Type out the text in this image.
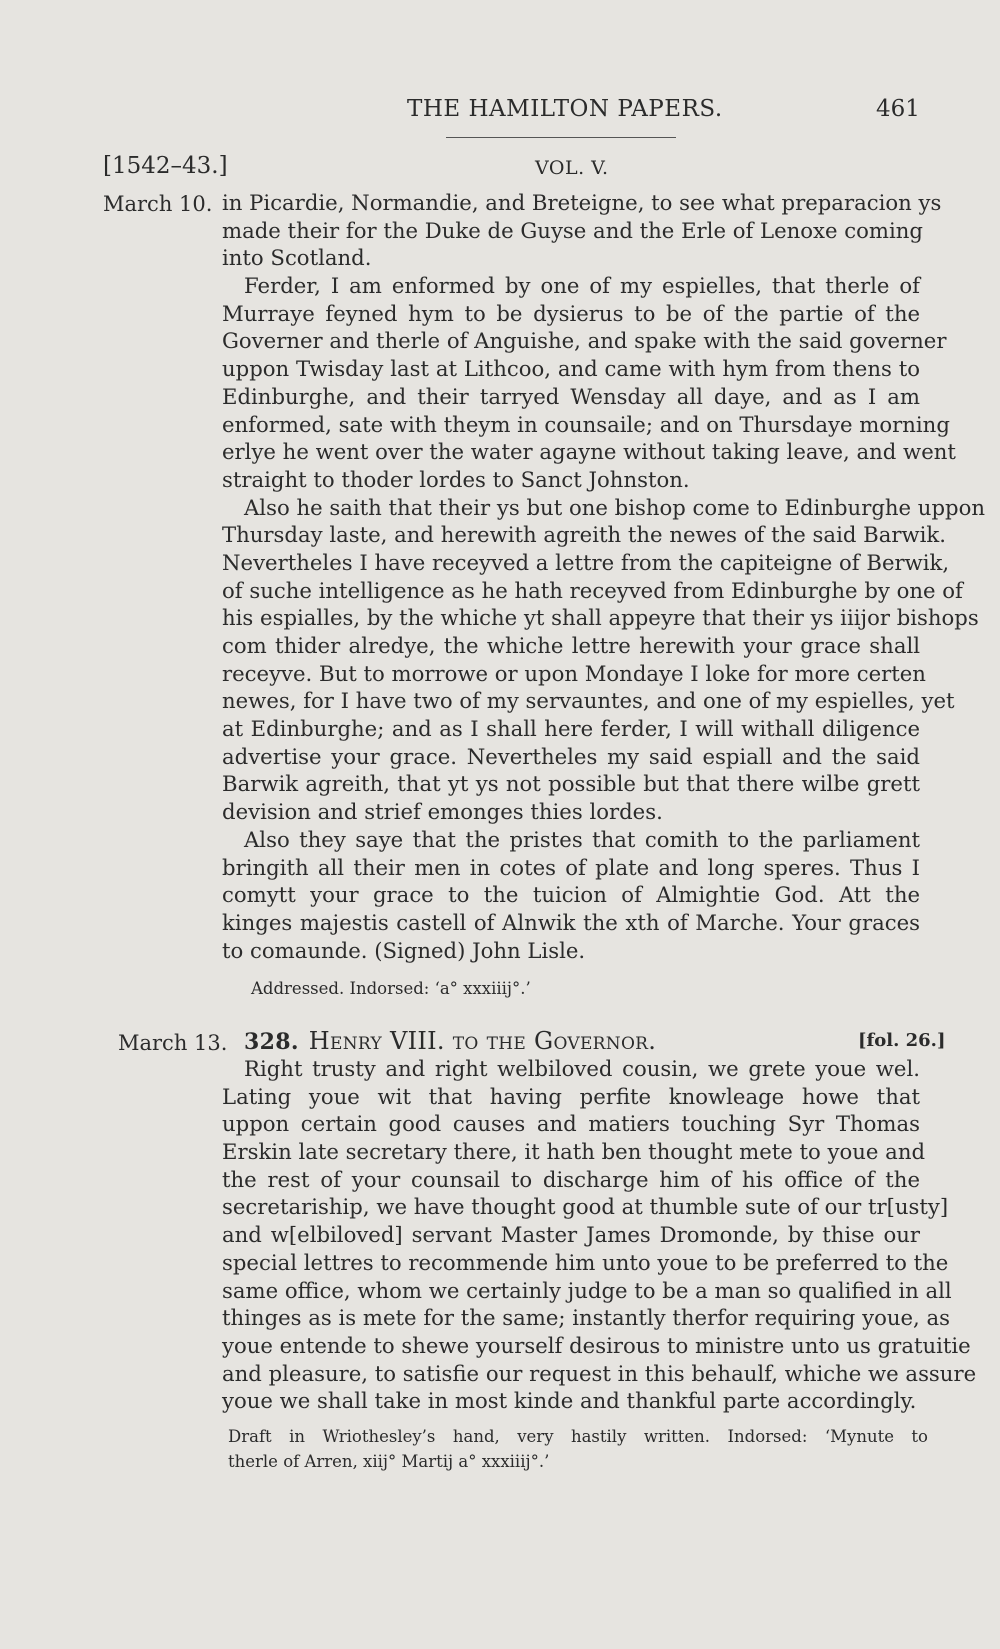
THE HAMILTON PAPERS.	461
[1542–43.]	VOL. V.
March 10. in Picardie, Normandie, and Breteigne, to see what preparacion ys
made their for the Duke de Guyse and the Erle of Lenoxe coming
into Scotland.
Ferder, I am enformed by one of my espielles, that therle of
Murraye feyned hym to be dysierus to be of the partie of the
Governer and therle of Anguishe, and spake with the said governer
uppon Twisday last at Lithcoo, and came with hym from thens to
Edinburghe, and their tarryed Wensday all daye, and as I am
enformed, sate with theym in counsaile; and on Thursdaye morning
erlye he went over the water agayne without taking leave, and went
straight to thoder lordes to Sanct Johnston.
Also he saith that their ys but one bishop come to Edinburghe uppon
Thursday laste, and herewith agreith the newes of the said Barwik.
Nevertheles I have receyved a lettre from the capiteigne of Berwik,
of suche intelligence as he hath receyved from Edinburghe by one of
his espialles, by the whiche yt shall appeyre that their ys iiijor bishops
com thider alredye, the whiche lettre herewith your grace shall
receyve. But to morrowe or upon Mondaye I loke for more certen
newes, for I have two of my servauntes, and one of my espielles, yet
at Edinburghe; and as I shall here ferder, I will withall diligence
advertise your grace. Nevertheles my said espiall and the said
Barwik agreith, that yt ys not possible but that there wilbe grett
devision and strief emonges thies lordes.
Also they saye that the pristes that comith to the parliament
bringith all their men in cotes of plate and long speres. Thus I
comytt your grace to the tuicion of Almightie God. Att the
kinges majestis castell of Alnwik the xth of Marche. Your graces
to comaunde. (Signed) John Lisle.
Addressed. Indorsed: ‘a° xxxiiij°.’
March 13. 328. Henry VIII. to the Governor.	[fol. 26.]
Right trusty and right welbiloved cousin, we grete youe wel.
Lating youe wit that having perfite knowleage howe that
uppon certain good causes and matiers touching Syr Thomas
Erskin late secretary there, it hath ben thought mete to youe and
the rest of your counsail to discharge him of his office of the
secretariship, we have thought good at thumble sute of our tr[usty]
and w[elbiloved] servant Master James Dromonde, by thise our
special lettres to recommende him unto youe to be preferred to the
same office, whom we certainly judge to be a man so qualified in all
thinges as is mete for the same; instantly therfor requiring youe, as
youe entende to shewe yourself desirous to ministre unto us gratuitie
and pleasure, to satisfie our request in this behaulf, whiche we assure
youe we shall take in most kinde and thankful parte accordingly.
Draft in Wriothesley’s hand, very hastily written. Indorsed: ‘Mynute to
therle of Arren, xiij° Martij a° xxxiiij°.’
